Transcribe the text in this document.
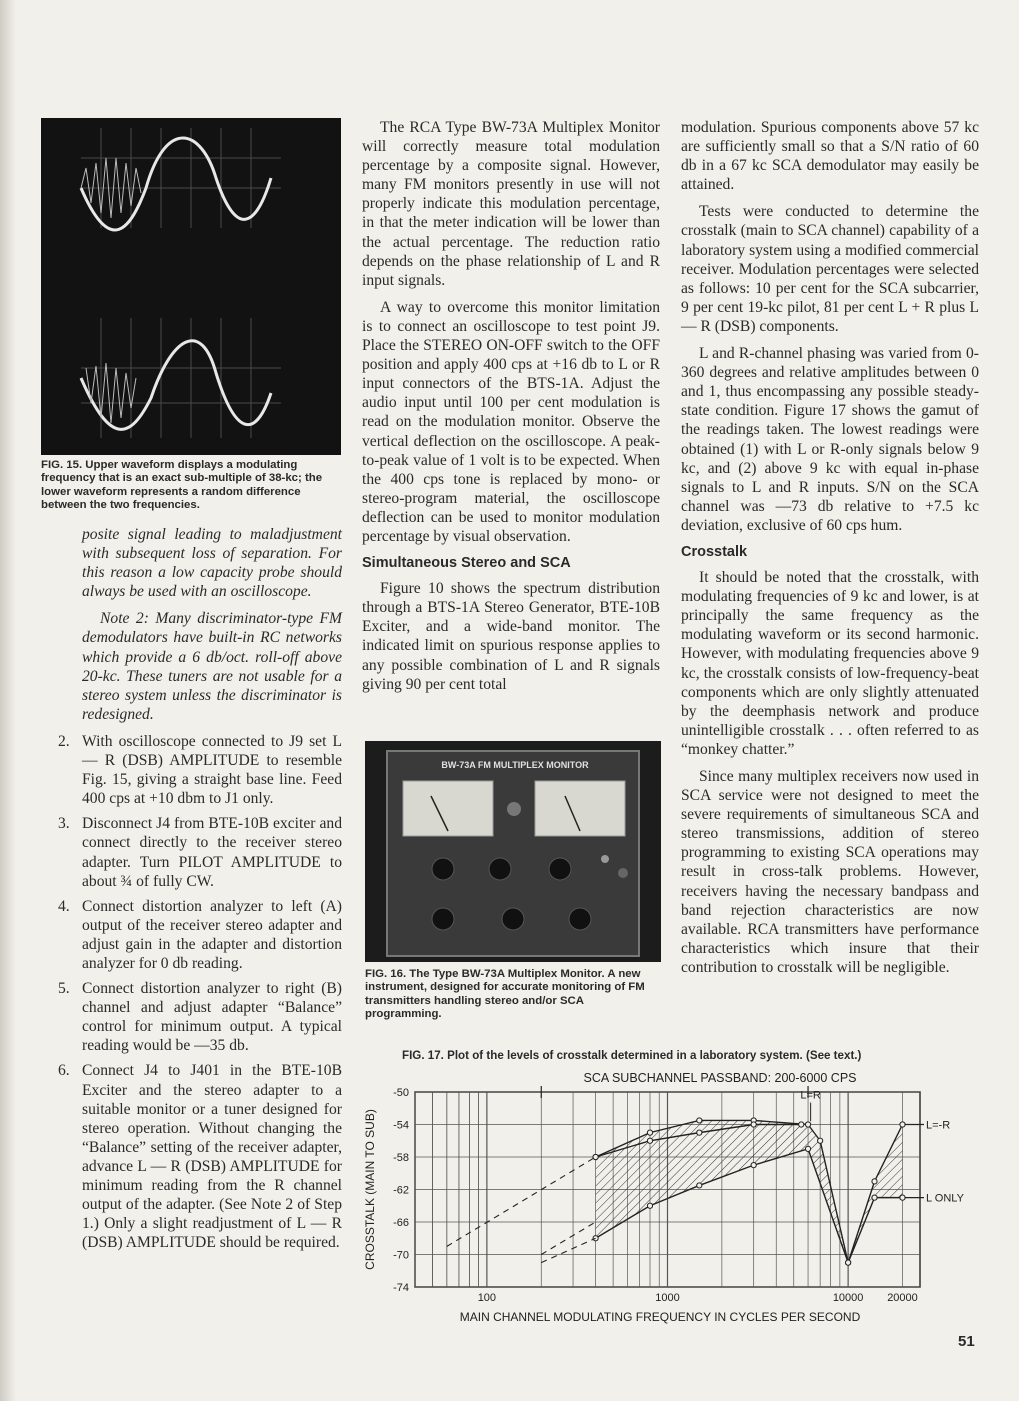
FIG. 15. Upper waveform displays a modulating frequency that is an exact sub-multiple of 38-kc; the lower waveform represents a random difference between the two frequencies.

posite signal leading to maladjustment with subsequent loss of separation. For this reason a low capacity probe should always be used with an oscilloscope.

Note 2: Many discriminator-type FM demodulators have built-in RC networks which provide a 6 db/oct. roll-off above 20-kc. These tuners are not usable for a stereo system unless the discriminator is redesigned.

2. With oscilloscope connected to J9 set L — R (DSB) AMPLITUDE to resemble Fig. 15, giving a straight base line. Feed 400 cps at +10 dbm to J1 only.
3. Disconnect J4 from BTE-10B exciter and connect directly to the receiver stereo adapter. Turn PILOT AMPLITUDE to about ¾ of fully CW.
4. Connect distortion analyzer to left (A) output of the receiver stereo adapter and adjust gain in the adapter and distortion analyzer for 0 db reading.
5. Connect distortion analyzer to right (B) channel and adjust adapter “Balance” control for minimum output. A typical reading would be —35 db.
6. Connect J4 to J401 in the BTE-10B Exciter and the stereo adapter to a suitable monitor or a tuner designed for stereo operation. Without changing the “Balance” setting of the receiver adapter, advance L — R (DSB) AMPLITUDE for minimum reading from the R channel output of the adapter. (See Note 2 of Step 1.) Only a slight readjustment of L — R (DSB) AMPLITUDE should be required.

The RCA Type BW-73A Multiplex Monitor will correctly measure total modulation percentage by a composite signal. However, many FM monitors presently in use will not properly indicate this modulation percentage, in that the meter indication will be lower than the actual percentage. The reduction ratio depends on the phase relationship of L and R input signals.

A way to overcome this monitor limitation is to connect an oscilloscope to test point J9. Place the STEREO ON-OFF switch to the OFF position and apply 400 cps at +16 db to L or R input connectors of the BTS-1A. Adjust the audio input until 100 per cent modulation is read on the modulation monitor. Observe the vertical deflection on the oscilloscope. A peak-to-peak value of 1 volt is to be expected. When the 400 cps tone is replaced by mono- or stereo-program material, the oscilloscope deflection can be used to monitor modulation percentage by visual observation.

Simultaneous Stereo and SCA

Figure 10 shows the spectrum distribution through a BTS-1A Stereo Generator, BTE-10B Exciter, and a wide-band monitor. The indicated limit on spurious response applies to any possible combination of L and R signals giving 90 per cent total

BW-73A FM MULTIPLEX MONITOR
FIG. 16. The Type BW-73A Multiplex Monitor. A new instrument, designed for accurate monitoring of FM transmitters handling stereo and/or SCA programming.

modulation. Spurious components above 57 kc are sufficiently small so that a S/N ratio of 60 db in a 67 kc SCA demodulator may easily be attained.

Tests were conducted to determine the crosstalk (main to SCA channel) capability of a laboratory system using a modified commercial receiver. Modulation percentages were selected as follows: 10 per cent for the SCA subcarrier, 9 per cent 19-kc pilot, 81 per cent L + R plus L — R (DSB) components.

L and R-channel phasing was varied from 0-360 degrees and relative amplitudes between 0 and 1, thus encompassing any possible steady-state condition. Figure 17 shows the gamut of the readings taken. The lowest readings were obtained (1) with L or R-only signals below 9 kc, and (2) above 9 kc with equal in-phase signals to L and R inputs. S/N on the SCA channel was —73 db relative to +7.5 kc deviation, exclusive of 60 cps hum.

Crosstalk

It should be noted that the crosstalk, with modulating frequencies of 9 kc and lower, is at principally the same frequency as the modulating waveform or its second harmonic. However, with modulating frequencies above 9 kc, the crosstalk consists of low-frequency-beat components which are only slightly attenuated by the deemphasis network and produce unintelligible crosstalk . . . often referred to as “monkey chatter.”

Since many multiplex receivers now used in SCA service were not designed to meet the severe requirements of simultaneous SCA and stereo transmissions, addition of stereo programming to existing SCA operations may result in cross-talk problems. However, receivers having the necessary bandpass and band rejection characteristics are now available. RCA transmitters have performance characteristics which insure that their contribution to crosstalk will be negligible.

FIG. 17. Plot of the levels of crosstalk determined in a laboratory system. (See text.)
SCA SUBCHANNEL PASSBAND: 200-6000 CPS
CROSSTALK (MAIN TO SUB)
MAIN CHANNEL MODULATING FREQUENCY IN CYCLES PER SECOND
-50
-54
-58
-62
-66
-70
-74
100	1000	10000 20000
L=R
L=-R
L ONLY
51
